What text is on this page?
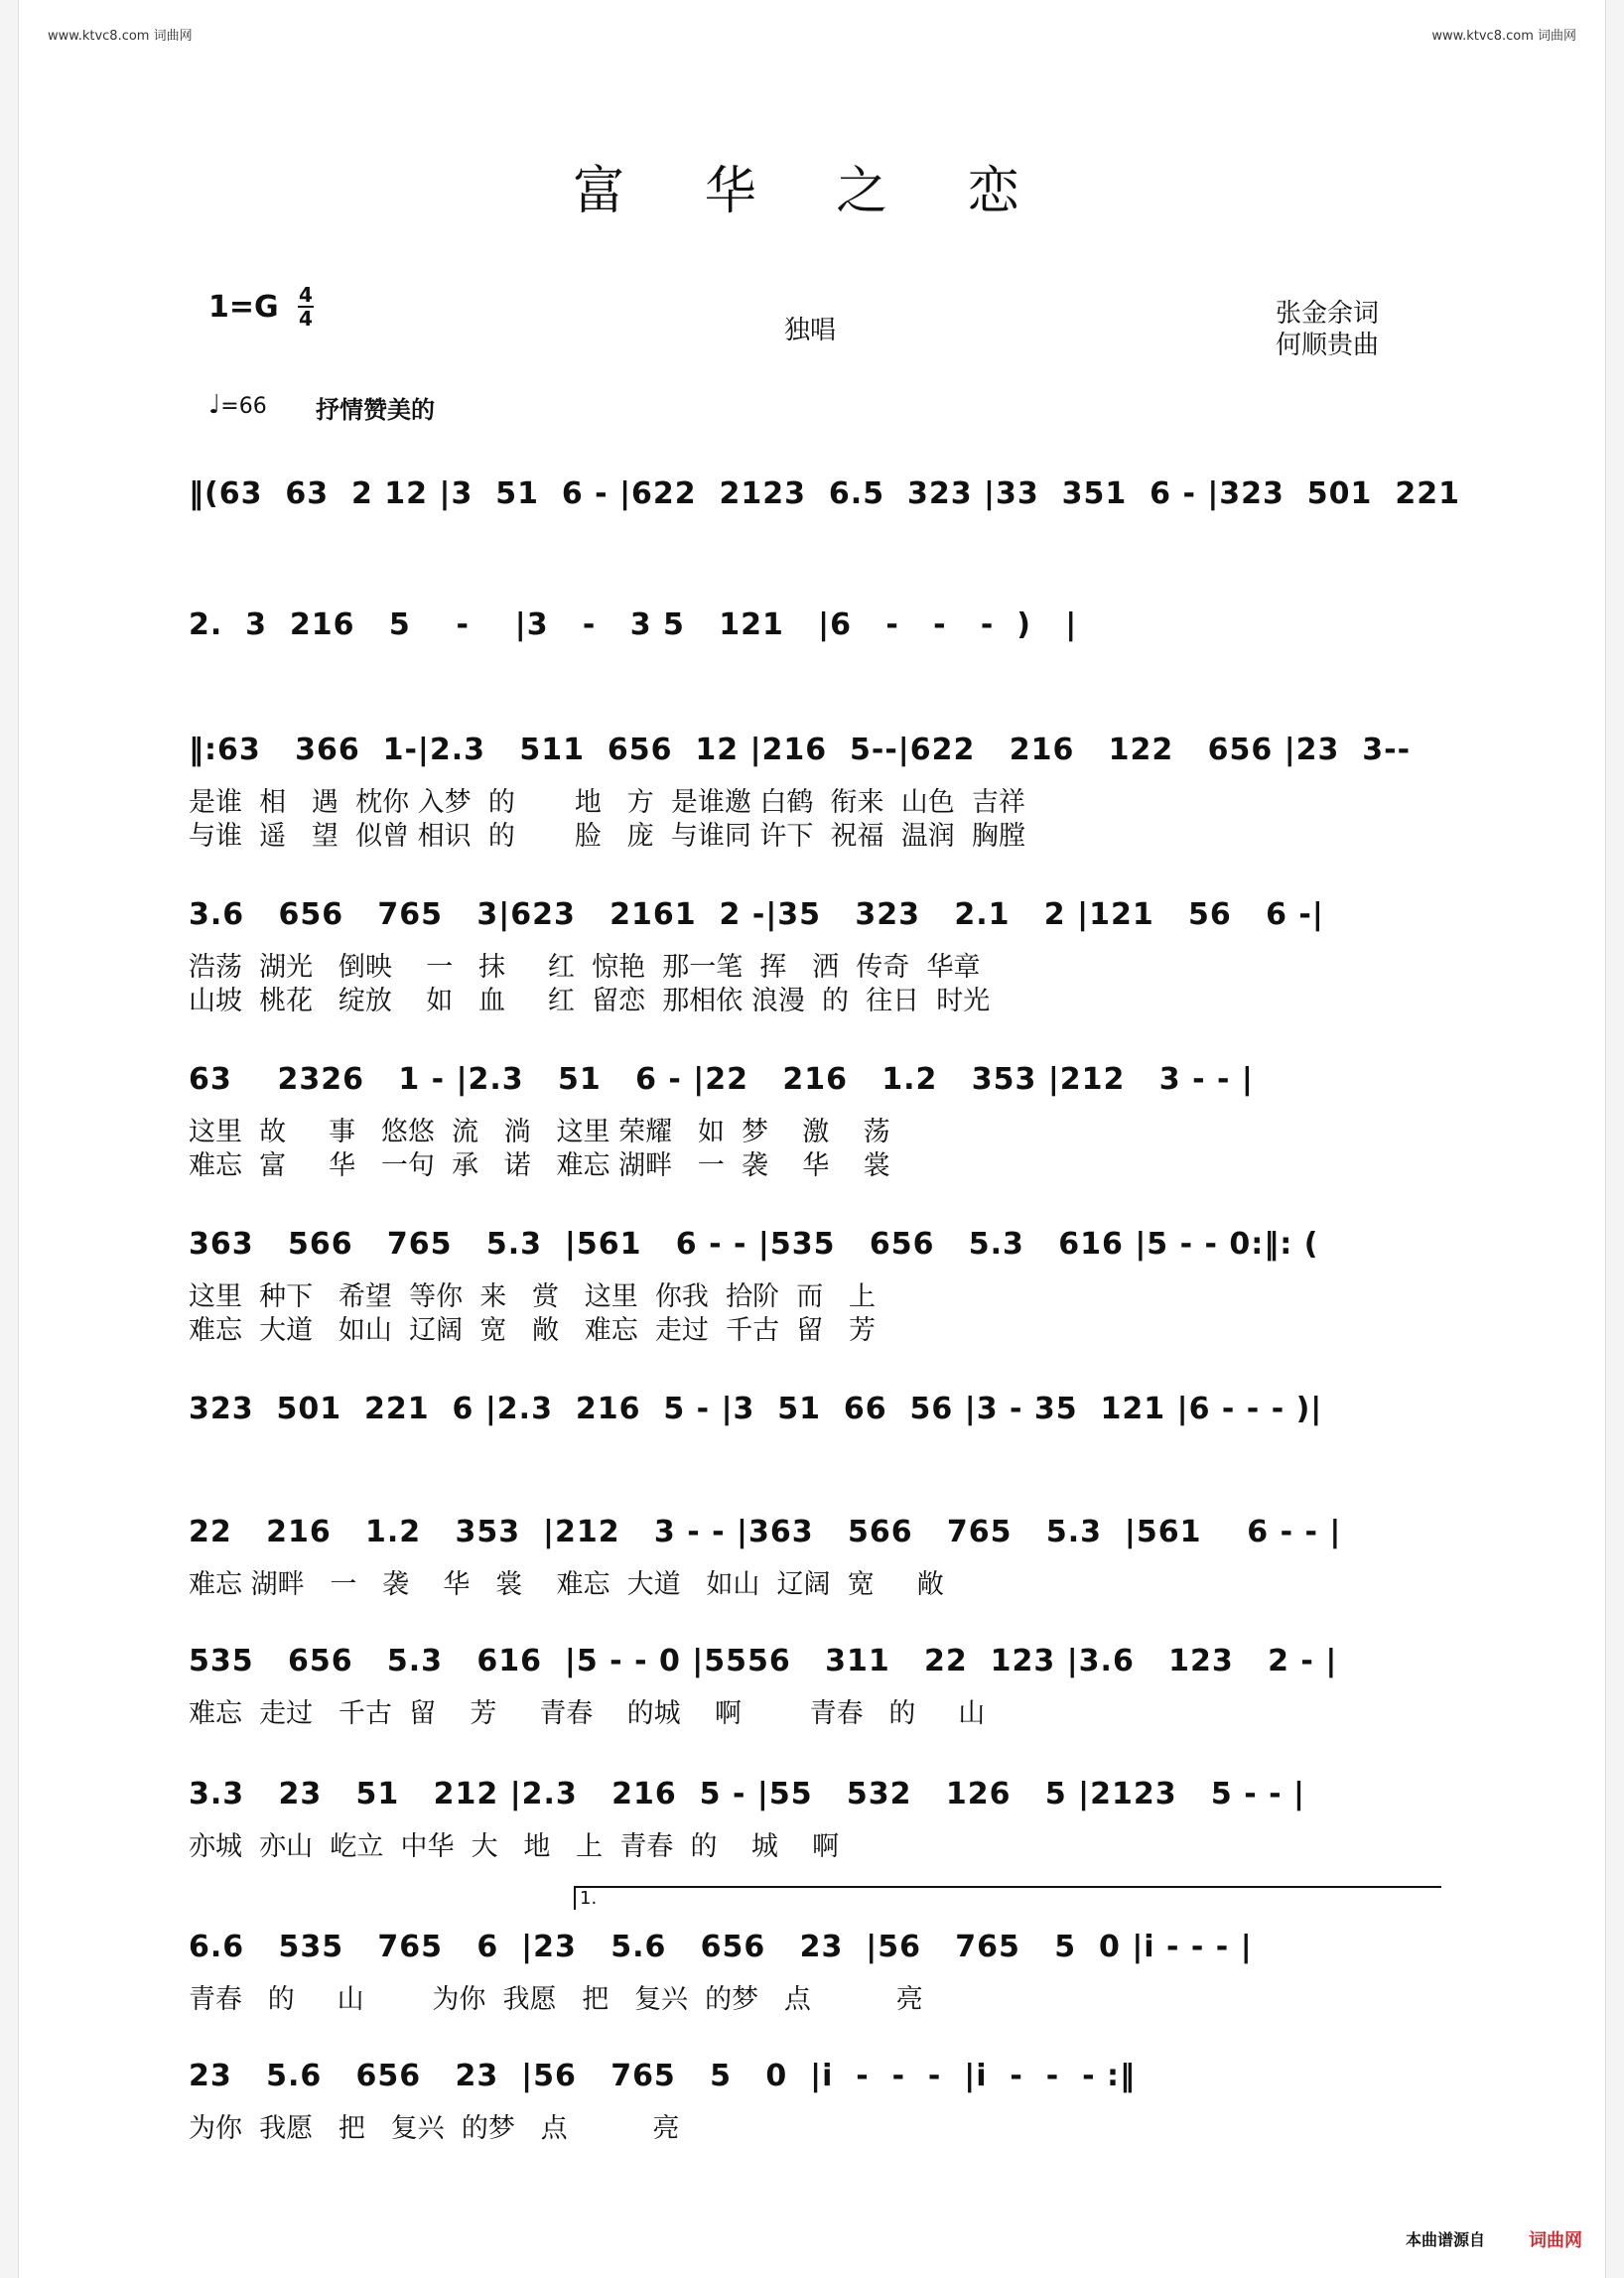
www.ktvc8.com 词曲网	www.ktvc8.com 词曲网
富 华 之 恋
1=G 4
4	独唱
张金余词
何顺贵曲
♩=66 抒情赞美的
‖(63  63  2 12 |3  51  6 - |622  2123  6.5  323 |33  351  6 - |323  501  221
2.  3  216   5    -    |3   -   3 5   121   |6   -   -   -  )   |
‖:63   366  1-|2.3   511  656  12 |216  5--|622   216   122   656 |23  3--
是谁  相   遇  枕你 入梦  的       地   方  是谁邀 白鹤  衔来  山色  吉祥
与谁  遥   望  似曾 相识  的       脸   庞  与谁同 许下  祝福  温润  胸膛
3.6   656   765   3|623   2161  2 -|35   323   2.1   2 |121   56   6 -|
浩荡  湖光   倒映    一   抹     红  惊艳  那一笔  挥   洒  传奇  华章
山坡  桃花   绽放    如   血     红  留恋  那相依 浪漫  的  往日  时光
63    2326   1 - |2.3   51   6 - |22   216   1.2   353 |212   3 - - |
这里  故     事   悠悠  流   淌   这里 荣耀   如  梦    激    荡
难忘  富     华   一句  承   诺   难忘 湖畔   一  袭    华    裳
363   566   765   5.3  |561   6 - - |535   656   5.3   616 |5 - - 0:‖: (
这里  种下   希望  等你  来   赏   这里  你我  拾阶  而   上
难忘  大道   如山  辽阔  宽   敞   难忘  走过  千古  留   芳
323  501  221  6 |2.3  216  5 - |3  51  66  56 |3 - 35  121 |6 - - - )|
22   216   1.2   353  |212   3 - - |363   566   765   5.3  |561    6 - - |
难忘 湖畔   一   袭    华   裳    难忘  大道   如山  辽阔  宽     敞
535   656   5.3   616  |5 - - 0 |5556   311   22  123 |3.6   123   2 - |
难忘  走过   千古  留    芳     青春    的城    啊        青春   的     山
3.3   23   51   212 |2.3   216  5 - |55   532   126   5 |2123   5 - - |
亦城  亦山  屹立  中华  大   地   上  青春  的    城    啊
1.
6.6   535   765   6  |23   5.6   656   23  |56   765   5  0 |i - - - |
青春   的     山        为你  我愿   把   复兴  的梦   点          亮
23   5.6   656   23  |56   765   5   0  |i  -  -  -  |i  -  -  - :‖
为你  我愿   把   复兴  的梦   点          亮
本曲谱源自 词曲网
